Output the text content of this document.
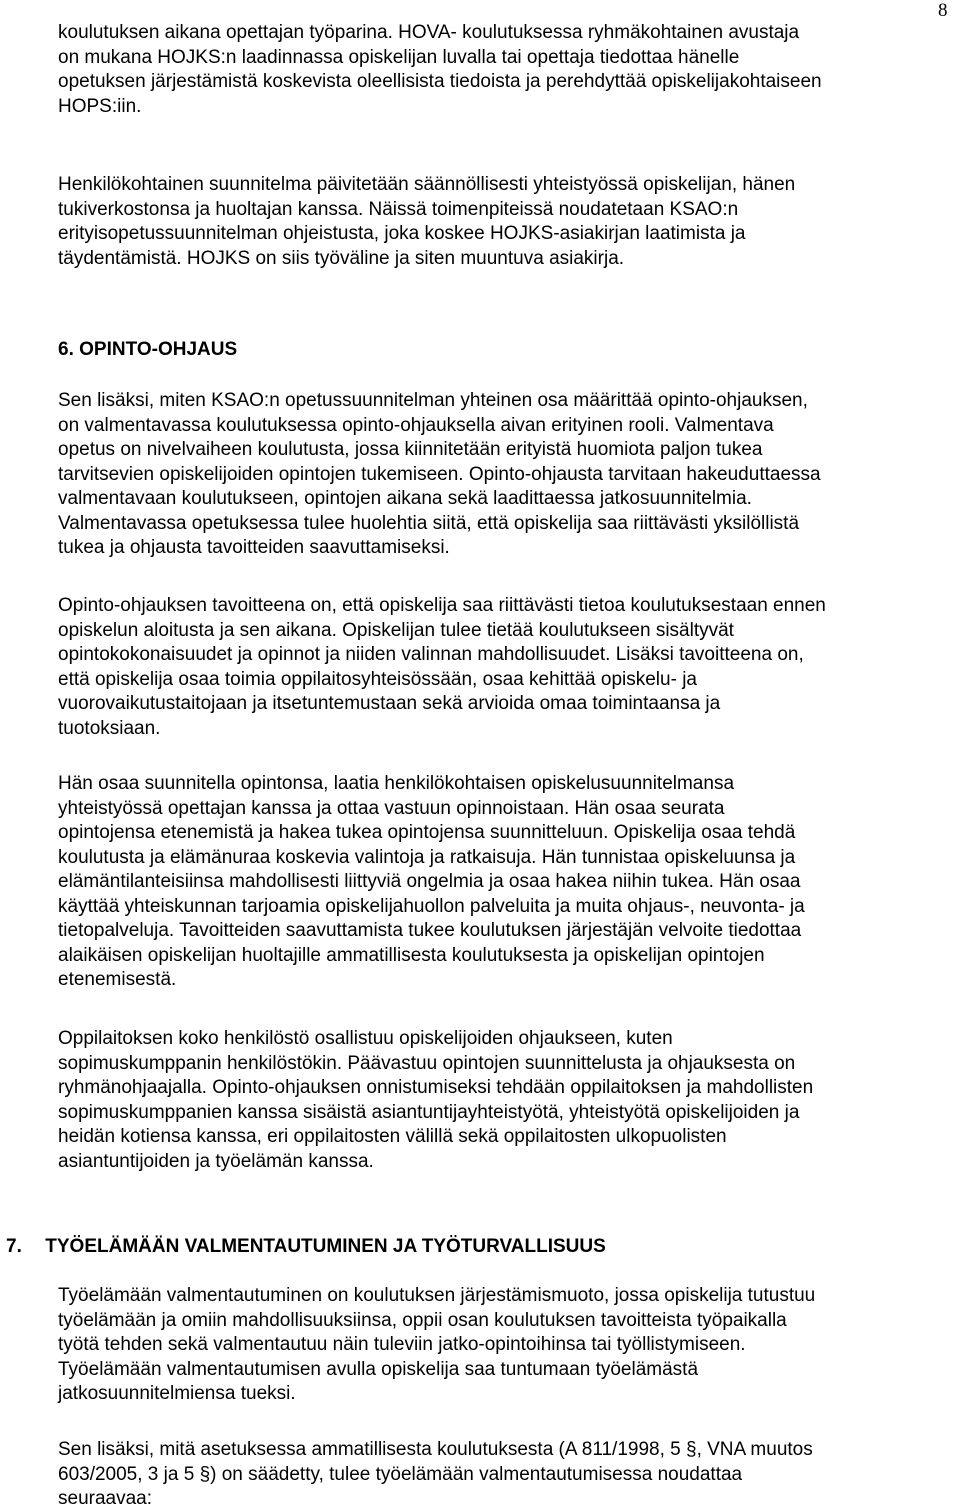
8
koulutuksen aikana opettajan työparina. HOVA- koulutuksessa ryhmäkohtainen avustaja
on mukana HOJKS:n laadinnassa opiskelijan luvalla tai opettaja tiedottaa hänelle
opetuksen järjestämistä koskevista oleellisista tiedoista ja perehdyttää opiskelijakohtaiseen
HOPS:iin.
Henkilökohtainen suunnitelma päivitetään säännöllisesti yhteistyössä opiskelijan, hänen
tukiverkostonsa ja huoltajan kanssa. Näissä toimenpiteissä noudatetaan KSAO:n
erityisopetussuunnitelman ohjeistusta, joka koskee HOJKS-asiakirjan laatimista ja
täydentämistä. HOJKS on siis työväline ja siten muuntuva asiakirja.
6. OPINTO-OHJAUS
Sen lisäksi, miten KSAO:n opetussuunnitelman yhteinen osa määrittää opinto-ohjauksen,
on valmentavassa koulutuksessa opinto-ohjauksella aivan erityinen rooli. Valmentava
opetus on nivelvaiheen koulutusta, jossa kiinnitetään erityistä huomiota paljon tukea
tarvitsevien opiskelijoiden opintojen tukemiseen. Opinto-ohjausta tarvitaan hakeuduttaessa
valmentavaan koulutukseen, opintojen aikana sekä laadittaessa jatkosuunnitelmia.
Valmentavassa opetuksessa tulee huolehtia siitä, että opiskelija saa riittävästi yksilöllistä
tukea ja ohjausta tavoitteiden saavuttamiseksi.
Opinto-ohjauksen tavoitteena on, että opiskelija saa riittävästi tietoa koulutuksestaan ennen
opiskelun aloitusta ja sen aikana. Opiskelijan tulee tietää koulutukseen sisältyvät
opintokokonaisuudet ja opinnot ja niiden valinnan mahdollisuudet. Lisäksi tavoitteena on,
että opiskelija osaa toimia oppilaitosyhteisössään, osaa kehittää opiskelu- ja
vuorovaikutustaitojaan ja itsetuntemustaan sekä arvioida omaa toimintaansa ja
tuotoksiaan.
Hän osaa suunnitella opintonsa, laatia henkilökohtaisen opiskelusuunnitelmansa
yhteistyössä opettajan kanssa ja ottaa vastuun opinnoistaan. Hän osaa seurata
opintojensa etenemistä ja hakea tukea opintojensa suunnitteluun. Opiskelija osaa tehdä
koulutusta ja elämänuraa koskevia valintoja ja ratkaisuja. Hän tunnistaa opiskeluunsa ja
elämäntilanteisiinsa mahdollisesti liittyviä ongelmia ja osaa hakea niihin tukea. Hän osaa
käyttää yhteiskunnan tarjoamia opiskelijahuollon palveluita ja muita ohjaus-, neuvonta- ja
tietopalveluja. Tavoitteiden saavuttamista tukee koulutuksen järjestäjän velvoite tiedottaa
alaikäisen opiskelijan huoltajille ammatillisesta koulutuksesta ja opiskelijan opintojen
etenemisestä.
Oppilaitoksen koko henkilöstö osallistuu opiskelijoiden ohjaukseen, kuten
sopimuskumppanin henkilöstökin. Päävastuu opintojen suunnittelusta ja ohjauksesta on
ryhmänohjaajalla. Opinto-ohjauksen onnistumiseksi tehdään oppilaitoksen ja mahdollisten
sopimuskumppanien kanssa sisäistä asiantuntijayhteistyötä, yhteistyötä opiskelijoiden ja
heidän kotiensa kanssa, eri oppilaitosten välillä sekä oppilaitosten ulkopuolisten
asiantuntijoiden ja työelämän kanssa.
7. TYÖELÄMÄÄN VALMENTAUTUMINEN JA TYÖTURVALLISUUS
Työelämään valmentautuminen on koulutuksen järjestämismuoto, jossa opiskelija tutustuu
työelämään ja omiin mahdollisuuksiinsa, oppii osan koulutuksen tavoitteista työpaikalla
työtä tehden sekä valmentautuu näin tuleviin jatko-opintoihinsa tai työllistymiseen.
Työelämään valmentautumisen avulla opiskelija saa tuntumaan työelämästä
jatkosuunnitelmiensa tueksi.
Sen lisäksi, mitä asetuksessa ammatillisesta koulutuksesta (A 811/1998, 5 §, VNA muutos
603/2005, 3 ja 5 §) on säädetty, tulee työelämään valmentautumisessa noudattaa
seuraavaa:
